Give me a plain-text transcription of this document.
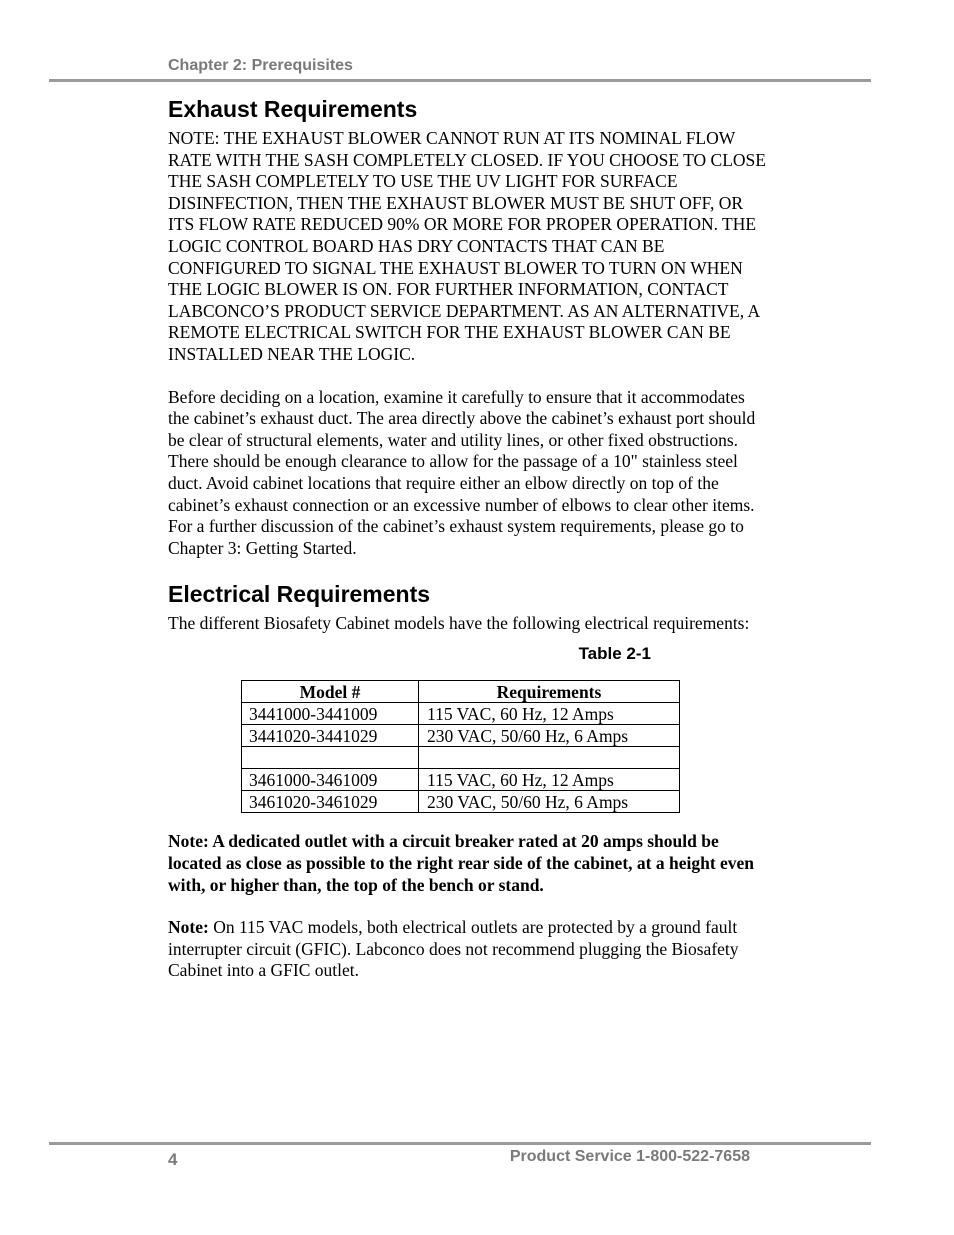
Chapter 2: Prerequisites
Exhaust Requirements

NOTE: THE EXHAUST BLOWER CANNOT RUN AT ITS NOMINAL FLOW RATE WITH THE SASH COMPLETELY CLOSED. IF YOU CHOOSE TO CLOSE THE SASH COMPLETELY TO USE THE UV LIGHT FOR SURFACE DISINFECTION, THEN THE EXHAUST BLOWER MUST BE SHUT OFF, OR ITS FLOW RATE REDUCED 90% OR MORE FOR PROPER OPERATION. THE LOGIC CONTROL BOARD HAS DRY CONTACTS THAT CAN BE CONFIGURED TO SIGNAL THE EXHAUST BLOWER TO TURN ON WHEN THE LOGIC BLOWER IS ON. FOR FURTHER INFORMATION, CONTACT LABCONCO’S PRODUCT SERVICE DEPARTMENT. AS AN ALTERNATIVE, A REMOTE ELECTRICAL SWITCH FOR THE EXHAUST BLOWER CAN BE INSTALLED NEAR THE LOGIC.

Before deciding on a location, examine it carefully to ensure that it accommodates the cabinet’s exhaust duct. The area directly above the cabinet’s exhaust port should be clear of structural elements, water and utility lines, or other fixed obstructions. There should be enough clearance to allow for the passage of a 10" stainless steel duct. Avoid cabinet locations that require either an elbow directly on top of the cabinet’s exhaust connection or an excessive number of elbows to clear other items. For a further discussion of the cabinet’s exhaust system requirements, please go to Chapter 3: Getting Started.

Electrical Requirements

The different Biosafety Cabinet models have the following electrical requirements:

Table 2-1
Model #	Requirements
3441000-3441009	115 VAC, 60 Hz, 12 Amps
3441020-3441029	230 VAC, 50/60 Hz, 6 Amps

3461000-3461009	115 VAC, 60 Hz, 12 Amps
3461020-3461029	230 VAC, 50/60 Hz, 6 Amps

Note: A dedicated outlet with a circuit breaker rated at 20 amps should be located as close as possible to the right rear side of the cabinet, at a height even with, or higher than, the top of the bench or stand.

Note: On 115 VAC models, both electrical outlets are protected by a ground fault interrupter circuit (GFIC). Labconco does not recommend plugging the Biosafety Cabinet into a GFIC outlet.

4	Product Service 1-800-522-7658
